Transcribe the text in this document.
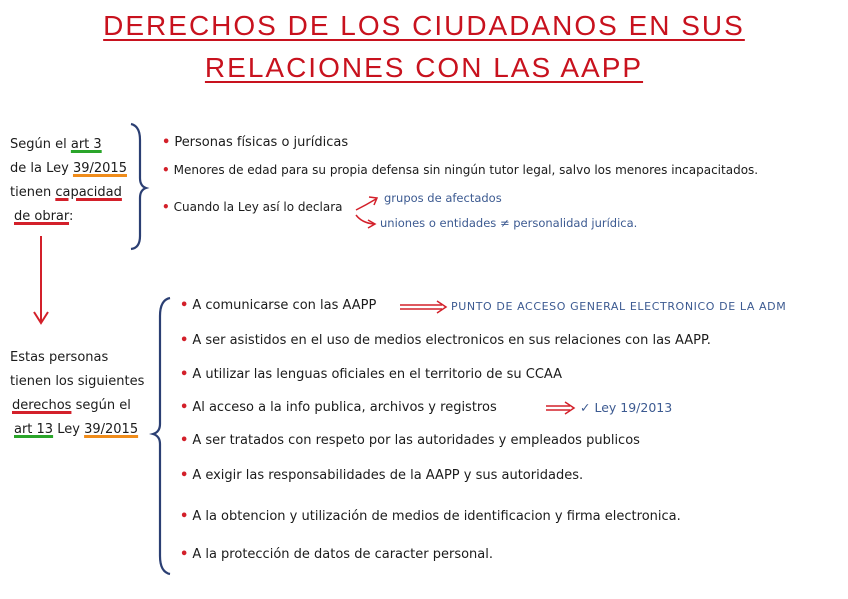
DERECHOS DE LOS CIUDADANOS EN SUS
RELACIONES CON LAS AAPP
Según el art 3
de la Ley 39/2015
tienen capacidad
de obrar:
• Personas físicas o jurídicas
• Menores de edad para su propia defensa sin ningún tutor legal, salvo los menores incapacitados.
• Cuando la Ley así lo declara
grupos de afectados
uniones o entidades ≠ personalidad jurídica.
Estas personas
tienen los siguientes
derechos según el
art 13 Ley 39/2015
• A comunicarse con las AAPP	PUNTO DE ACCESO GENERAL ELECTRONICO DE LA ADM
• A ser asistidos en el uso de medios electronicos en sus relaciones con las AAPP.
• A utilizar las lenguas oficiales en el territorio de su CCAA
• Al acceso a la info publica, archivos y registros	✓ Ley 19/2013
• A ser tratados con respeto por las autoridades y empleados publicos
• A exigir las responsabilidades de la AAPP y sus autoridades.
• A la obtencion y utilización de medios de identificacion y firma electronica.
• A la protección de datos de caracter personal.
